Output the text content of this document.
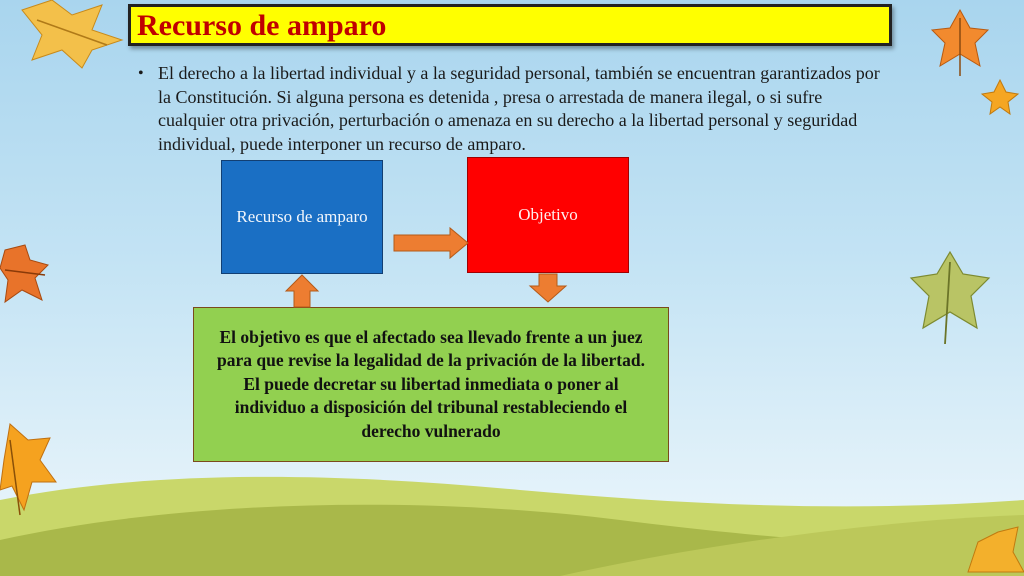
Recurso de amparo
• El derecho a la libertad individual y a la seguridad personal, también se encuentran garantizados por la Constitución. Si alguna persona es detenida , presa o arrestada de manera ilegal, o si sufre cualquier otra privación, perturbación o amenaza en su derecho a la libertad personal y seguridad individual, puede interponer un recurso de amparo.
Recurso de amparo	Objetivo
El objetivo es que el afectado sea llevado frente a un juez para que revise la legalidad de la privación de la libertad. El puede decretar su libertad inmediata o poner al individuo a disposición del tribunal restableciendo el derecho vulnerado
